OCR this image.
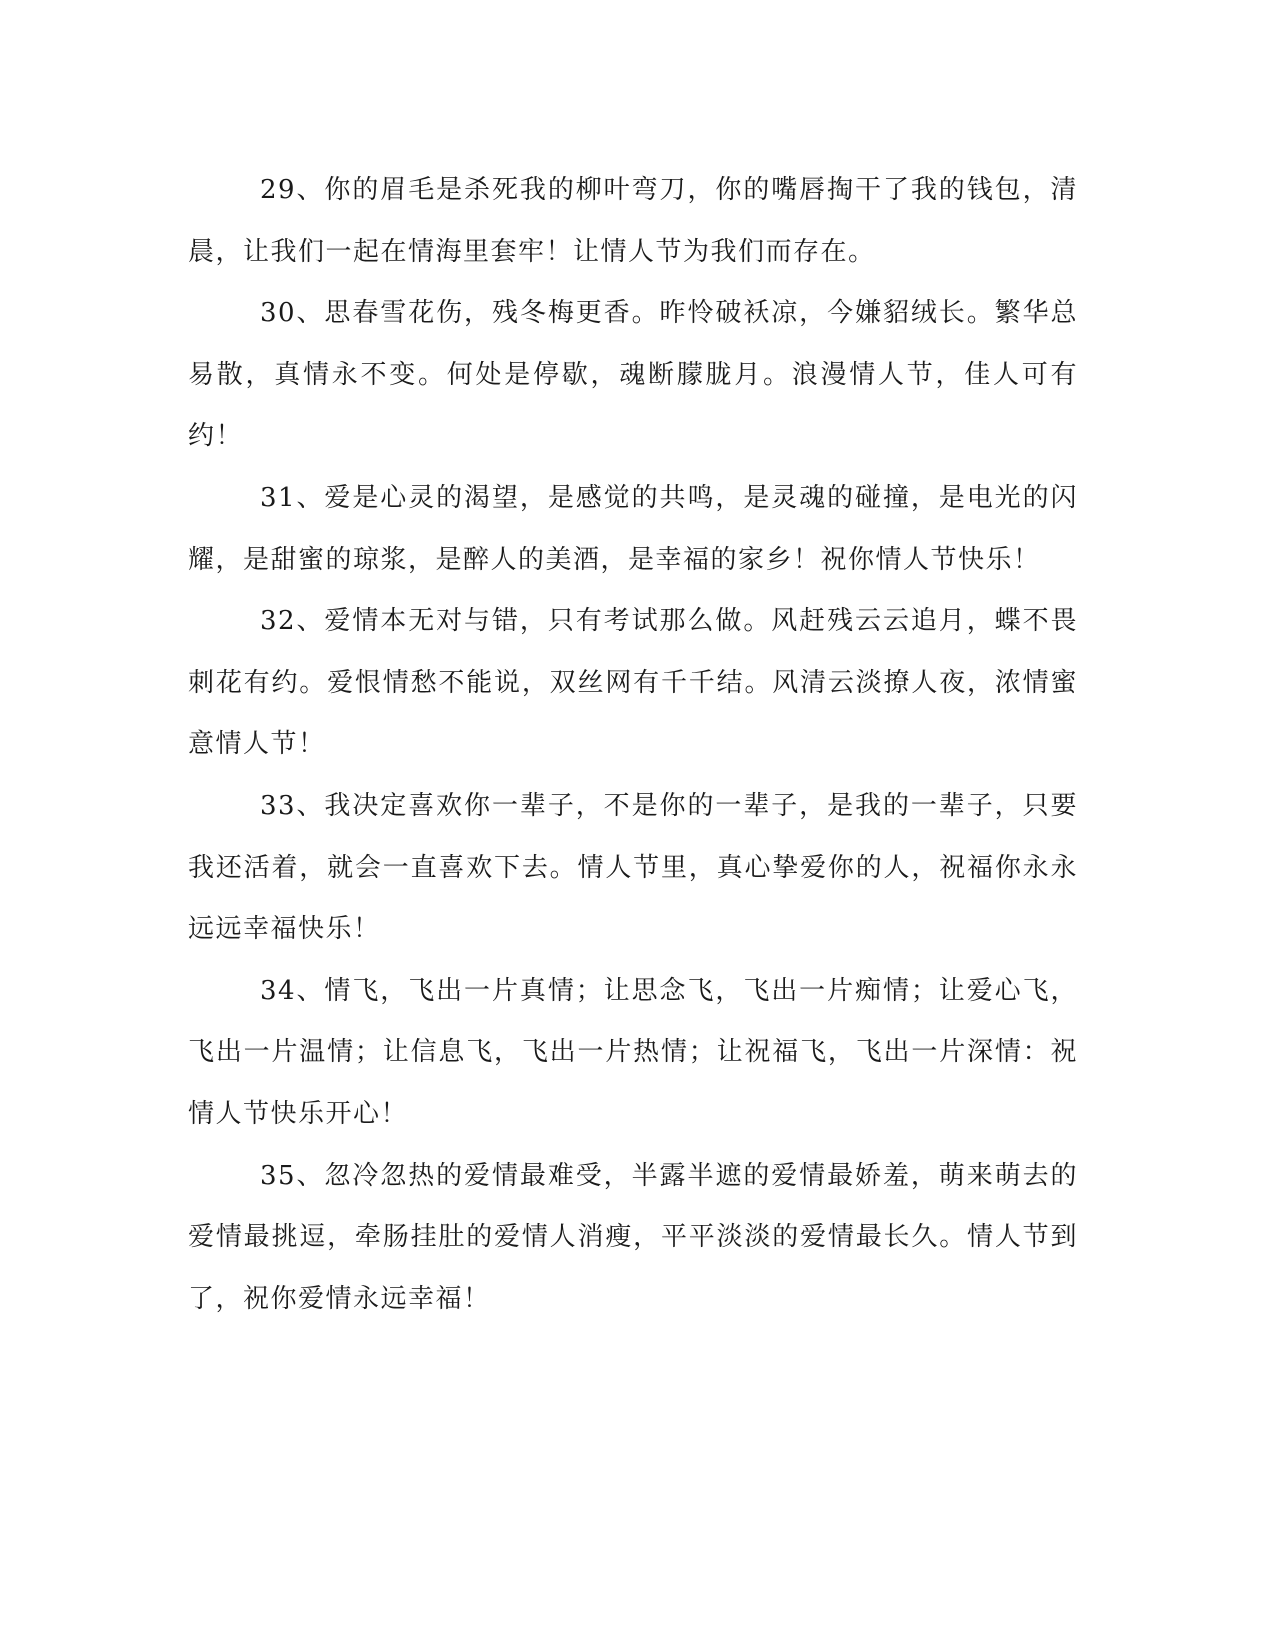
29、你的眉毛是杀死我的柳叶弯刀，你的嘴唇掏干了我的钱包，清晨，让我们一起在情海里套牢！让情人节为我们而存在。

30、思春雪花伤，残冬梅更香。昨怜破袄凉，今嫌貂绒长。繁华总易散，真情永不变。何处是停歇，魂断朦胧月。浪漫情人节，佳人可有约！

31、爱是心灵的渴望，是感觉的共鸣，是灵魂的碰撞，是电光的闪耀，是甜蜜的琼浆，是醉人的美酒，是幸福的家乡！祝你情人节快乐！

32、爱情本无对与错，只有考试那么做。风赶残云云追月，蝶不畏刺花有约。爱恨情愁不能说，双丝网有千千结。风清云淡撩人夜，浓情蜜意情人节！

33、我决定喜欢你一辈子，不是你的一辈子，是我的一辈子，只要我还活着，就会一直喜欢下去。情人节里，真心挚爱你的人，祝福你永永远远幸福快乐！

34、情飞，飞出一片真情；让思念飞，飞出一片痴情；让爱心飞，飞出一片温情；让信息飞，飞出一片热情；让祝福飞，飞出一片深情：祝情人节快乐开心！

35、忽冷忽热的爱情最难受，半露半遮的爱情最娇羞，萌来萌去的爱情最挑逗，牵肠挂肚的爱情人消瘦，平平淡淡的爱情最长久。情人节到了，祝你爱情永远幸福！
